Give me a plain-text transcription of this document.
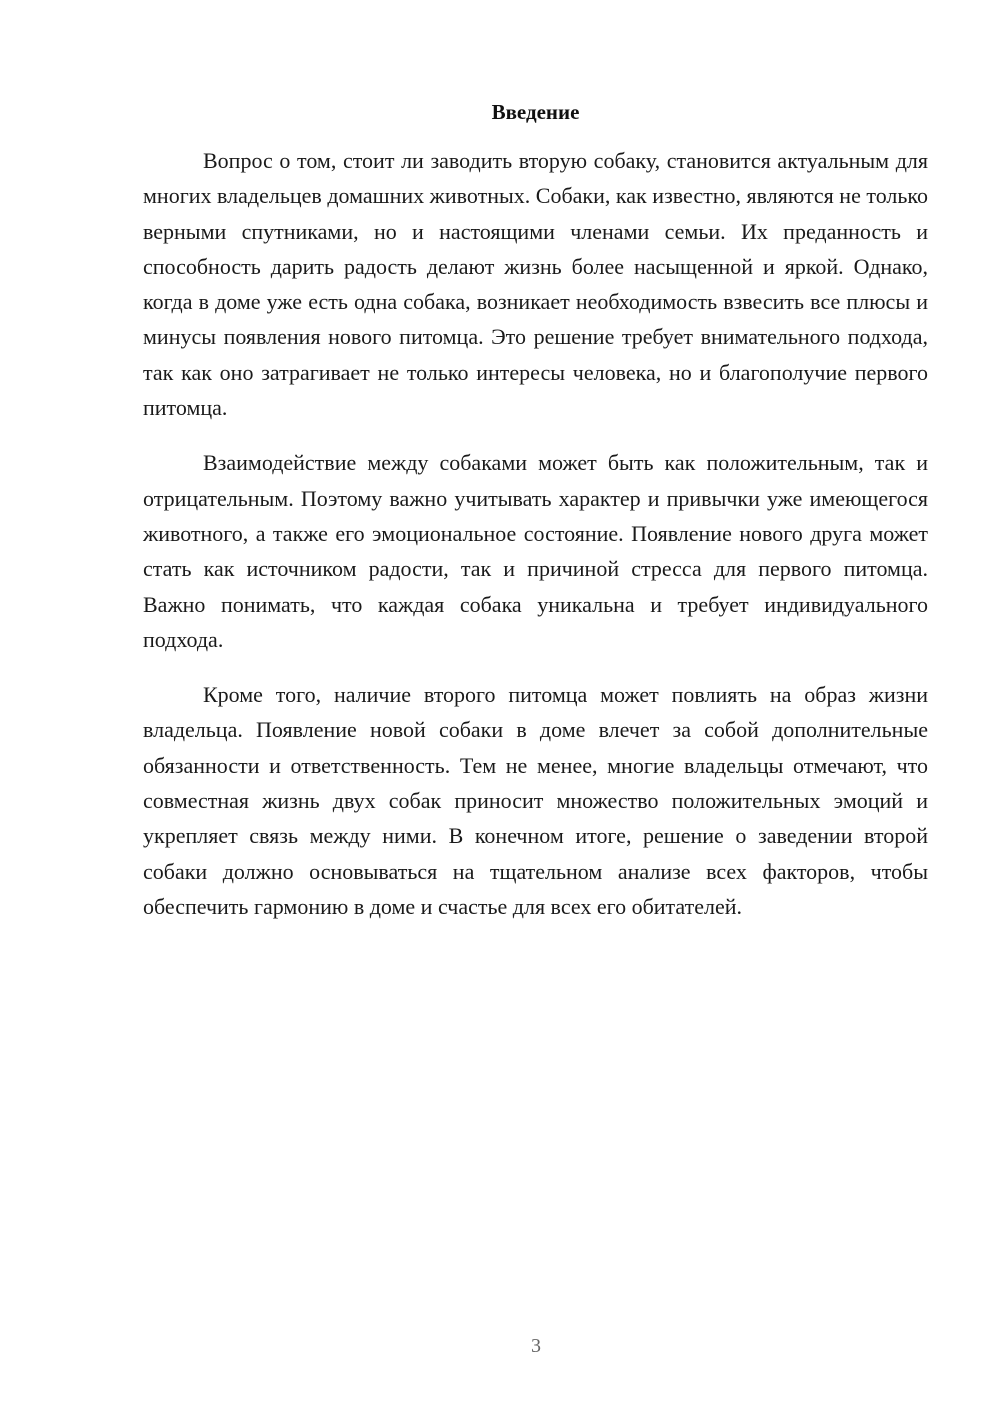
Введение

Вопрос о том, стоит ли заводить вторую собаку, становится актуальным для многих владельцев домашних животных. Собаки, как известно, являются не только верными спутниками, но и настоящими членами семьи. Их преданность и способность дарить радость делают жизнь более насыщенной и яркой. Однако, когда в доме уже есть одна собака, возникает необходимость взвесить все плюсы и минусы появления нового питомца. Это решение требует внимательного подхода, так как оно затрагивает не только интересы человека, но и благополучие первого питомца.

Взаимодействие между собаками может быть как положительным, так и отрицательным. Поэтому важно учитывать характер и привычки уже имеющегося животного, а также его эмоциональное состояние. Появление нового друга может стать как источником радости, так и причиной стресса для первого питомца. Важно понимать, что каждая собака уникальна и требует индивидуального подхода.

Кроме того, наличие второго питомца может повлиять на образ жизни владельца. Появление новой собаки в доме влечет за собой дополнительные обязанности и ответственность. Тем не менее, многие владельцы отмечают, что совместная жизнь двух собак приносит множество положительных эмоций и укрепляет связь между ними. В конечном итоге, решение о заведении второй собаки должно основываться на тщательном анализе всех факторов, чтобы обеспечить гармонию в доме и счастье для всех его обитателей.

3
